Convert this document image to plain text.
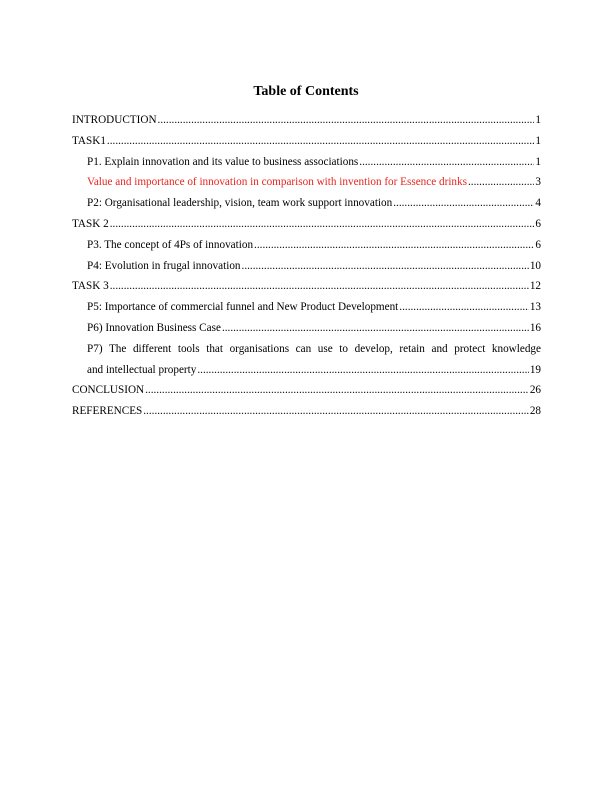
Table of Contents
INTRODUCTION .....	1
TASK1 .....	1
P1. Explain innovation and its value to business associations .....	1
Value and importance of innovation in comparison with invention for Essence drinks .....	3
P2: Organisational leadership, vision, team work support innovation .....	4
TASK 2 .....	6
P3. The concept of 4Ps of innovation .....	6
P4: Evolution in frugal innovation .....	10
TASK 3 .....	12
P5: Importance of commercial funnel and New Product Development .....	13
P6) Innovation Business Case .....	16
P7) The different tools that organisations can use to develop, retain and protect knowledge
and intellectual property .....	19
CONCLUSION .....	26
REFERENCES .....	28
